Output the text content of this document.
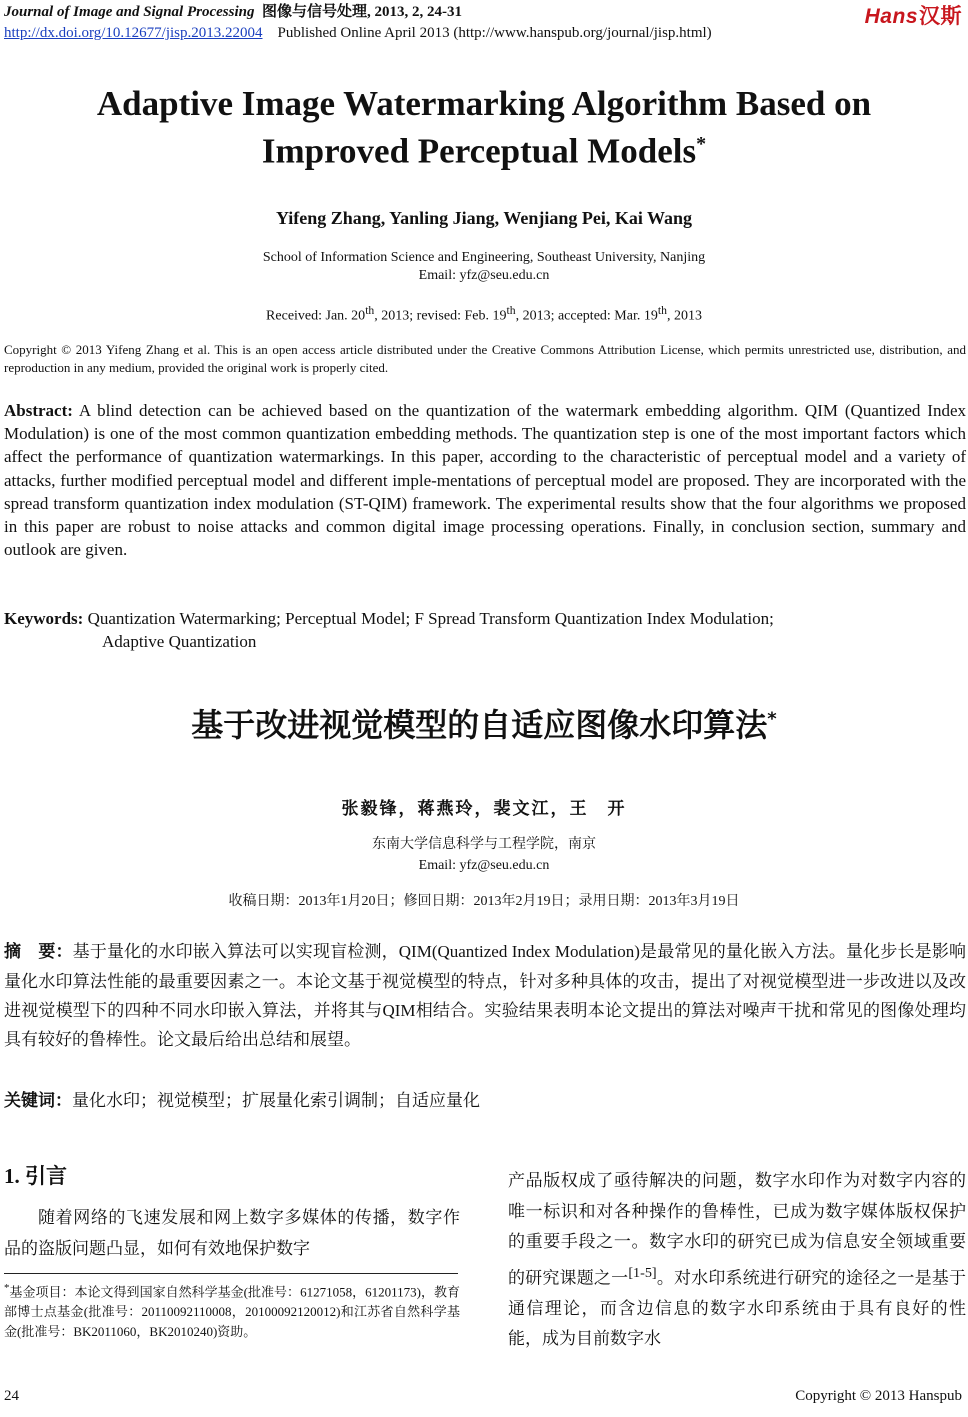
Journal of Image and Signal Processing 图像与信号处理, 2013, 2, 24-31
http://dx.doi.org/10.12677/jisp.2013.22004 Published Online April 2013 (http://www.hanspub.org/journal/jisp.html)
Hans汉斯
Adaptive Image Watermarking Algorithm Based on
Improved Perceptual Models*
Yifeng Zhang, Yanling Jiang, Wenjiang Pei, Kai Wang
School of Information Science and Engineering, Southeast University, Nanjing
Email: yfz@seu.edu.cn
Received: Jan. 20th, 2013; revised: Feb. 19th, 2013; accepted: Mar. 19th, 2013
Copyright © 2013 Yifeng Zhang et al. This is an open access article distributed under the Creative Commons Attribution License, which permits unrestricted use, distribution, and reproduction in any medium, provided the original work is properly cited.
Abstract: A blind detection can be achieved based on the quantization of the watermark embedding algorithm. QIM (Quantized Index Modulation) is one of the most common quantization embedding methods. The quantization step is one of the most important factors which affect the performance of quantization watermarkings. In this paper, according to the characteristic of perceptual model and a variety of attacks, further modified perceptual model and different imple-mentations of perceptual model are proposed. They are incorporated with the spread transform quantization index modulation (ST-QIM) framework. The experimental results show that the four algorithms we proposed in this paper are robust to noise attacks and common digital image processing operations. Finally, in conclusion section, summary and outlook are given.
Keywords: Quantization Watermarking; Perceptual Model; F Spread Transform Quantization Index Modulation;
Adaptive Quantization
基于改进视觉模型的自适应图像水印算法*
张毅锋，蒋燕玲，裴文江，王　开
东南大学信息科学与工程学院，南京
Email: yfz@seu.edu.cn
收稿日期：2013年1月20日；修回日期：2013年2月19日；录用日期：2013年3月19日
摘　要：基于量化的水印嵌入算法可以实现盲检测，QIM(Quantized Index Modulation)是最常见的量化嵌入方法。量化步长是影响量化水印算法性能的最重要因素之一。本论文基于视觉模型的特点，针对多种具体的攻击，提出了对视觉模型进一步改进以及改进视觉模型下的四种不同水印嵌入算法，并将其与QIM相结合。实验结果表明本论文提出的算法对噪声干扰和常见的图像处理均具有较好的鲁棒性。论文最后给出总结和展望。
关键词：量化水印；视觉模型；扩展量化索引调制；自适应量化
1. 引言

随着网络的飞速发展和网上数字多媒体的传播，数字作品的盗版问题凸显，如何有效地保护数字

*基金项目：本论文得到国家自然科学基金(批准号：61271058，61201173)，教育部博士点基金(批准号：20110092110008，20100092120012)和江苏省自然科学基金(批准号：BK2011060，BK2010240)资助。
产品版权成了亟待解决的问题，数字水印作为对数字内容的唯一标识和对各种操作的鲁棒性，已成为数字媒体版权保护的重要手段之一。数字水印的研究已成为信息安全领域重要的研究课题之一[1-5]。对水印系统进行研究的途径之一是基于通信理论，而含边信息的数字水印系统由于具有良好的性能，成为目前数字水
24	Copyright © 2013 Hanspub
